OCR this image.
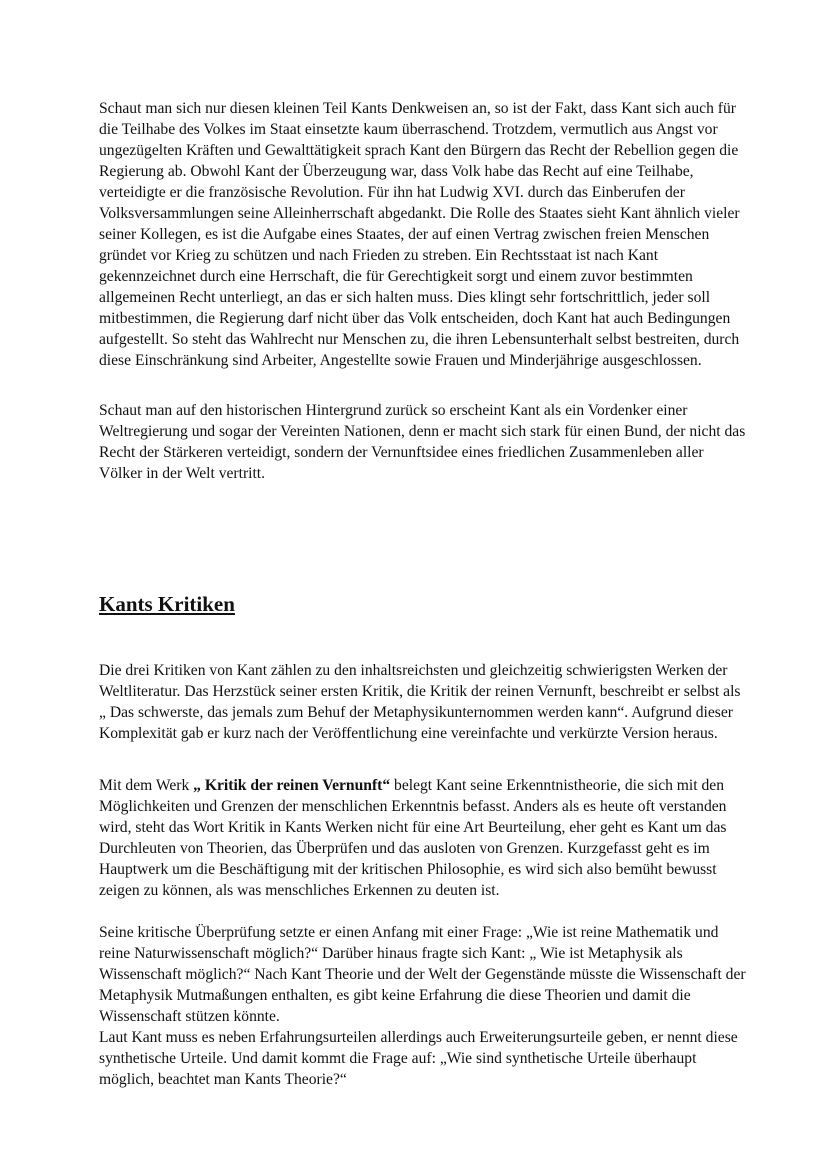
Schaut man sich nur diesen kleinen Teil Kants Denkweisen an, so ist der Fakt, dass Kant sich auch für die Teilhabe des Volkes im Staat einsetzte kaum überraschend. Trotzdem, vermutlich aus Angst vor ungezügelten Kräften und Gewalttätigkeit sprach Kant den Bürgern das Recht der Rebellion gegen die Regierung ab. Obwohl Kant der Überzeugung war, dass Volk habe das Recht auf eine Teilhabe, verteidigte er die französische Revolution. Für ihn hat Ludwig XVI. durch das Einberufen der Volksversammlungen seine Alleinherrschaft abgedankt. Die Rolle des Staates sieht Kant ähnlich vieler seiner Kollegen, es ist die Aufgabe eines Staates, der auf einen Vertrag zwischen freien Menschen gründet vor Krieg zu schützen und nach Frieden zu streben. Ein Rechtsstaat ist nach Kant gekennzeichnet durch eine Herrschaft, die für Gerechtigkeit sorgt und einem zuvor bestimmten allgemeinen Recht unterliegt, an das er sich halten muss. Dies klingt sehr fortschrittlich, jeder soll mitbestimmen, die Regierung darf nicht über das Volk entscheiden, doch Kant hat auch Bedingungen aufgestellt. So steht das Wahlrecht nur Menschen zu, die ihren Lebensunterhalt selbst bestreiten, durch diese Einschränkung sind Arbeiter, Angestellte sowie Frauen und Minderjährige ausgeschlossen.

Schaut man auf den historischen Hintergrund zurück so erscheint Kant als ein Vordenker einer Weltregierung und sogar der Vereinten Nationen, denn er macht sich stark für einen Bund, der nicht das Recht der Stärkeren verteidigt, sondern der Vernunftsidee eines friedlichen Zusammenleben aller Völker in der Welt vertritt.

Kants Kritiken

Die drei Kritiken von Kant zählen zu den inhaltsreichsten und gleichzeitig schwierigsten Werken der Weltliteratur. Das Herzstück seiner ersten Kritik, die Kritik der reinen Vernunft, beschreibt er selbst als „ Das schwerste, das jemals zum Behuf der Metaphysikunternommen werden kann“. Aufgrund dieser Komplexität gab er kurz nach der Veröffentlichung eine vereinfachte und verkürzte Version heraus.

Mit dem Werk „ Kritik der reinen Vernunft“ belegt Kant seine Erkenntnistheorie, die sich mit den Möglichkeiten und Grenzen der menschlichen Erkenntnis befasst. Anders als es heute oft verstanden wird, steht das Wort Kritik in Kants Werken nicht für eine Art Beurteilung, eher geht es Kant um das Durchleuten von Theorien, das Überprüfen und das ausloten von Grenzen. Kurzgefasst geht es im Hauptwerk um die Beschäftigung mit der kritischen Philosophie, es wird sich also bemüht bewusst zeigen zu können, als was menschliches Erkennen zu deuten ist.

Seine kritische Überprüfung setzte er einen Anfang mit einer Frage: „Wie ist reine Mathematik und reine Naturwissenschaft möglich?“ Darüber hinaus fragte sich Kant: „ Wie ist Metaphysik als Wissenschaft möglich?“ Nach Kant Theorie und der Welt der Gegenstände müsste die Wissenschaft der Metaphysik Mutmaßungen enthalten, es gibt keine Erfahrung die diese Theorien und damit die Wissenschaft stützen könnte.

Laut Kant muss es neben Erfahrungsurteilen allerdings auch Erweiterungsurteile geben, er nennt diese synthetische Urteile. Und damit kommt die Frage auf: „Wie sind synthetische Urteile überhaupt möglich, beachtet man Kants Theorie?“
